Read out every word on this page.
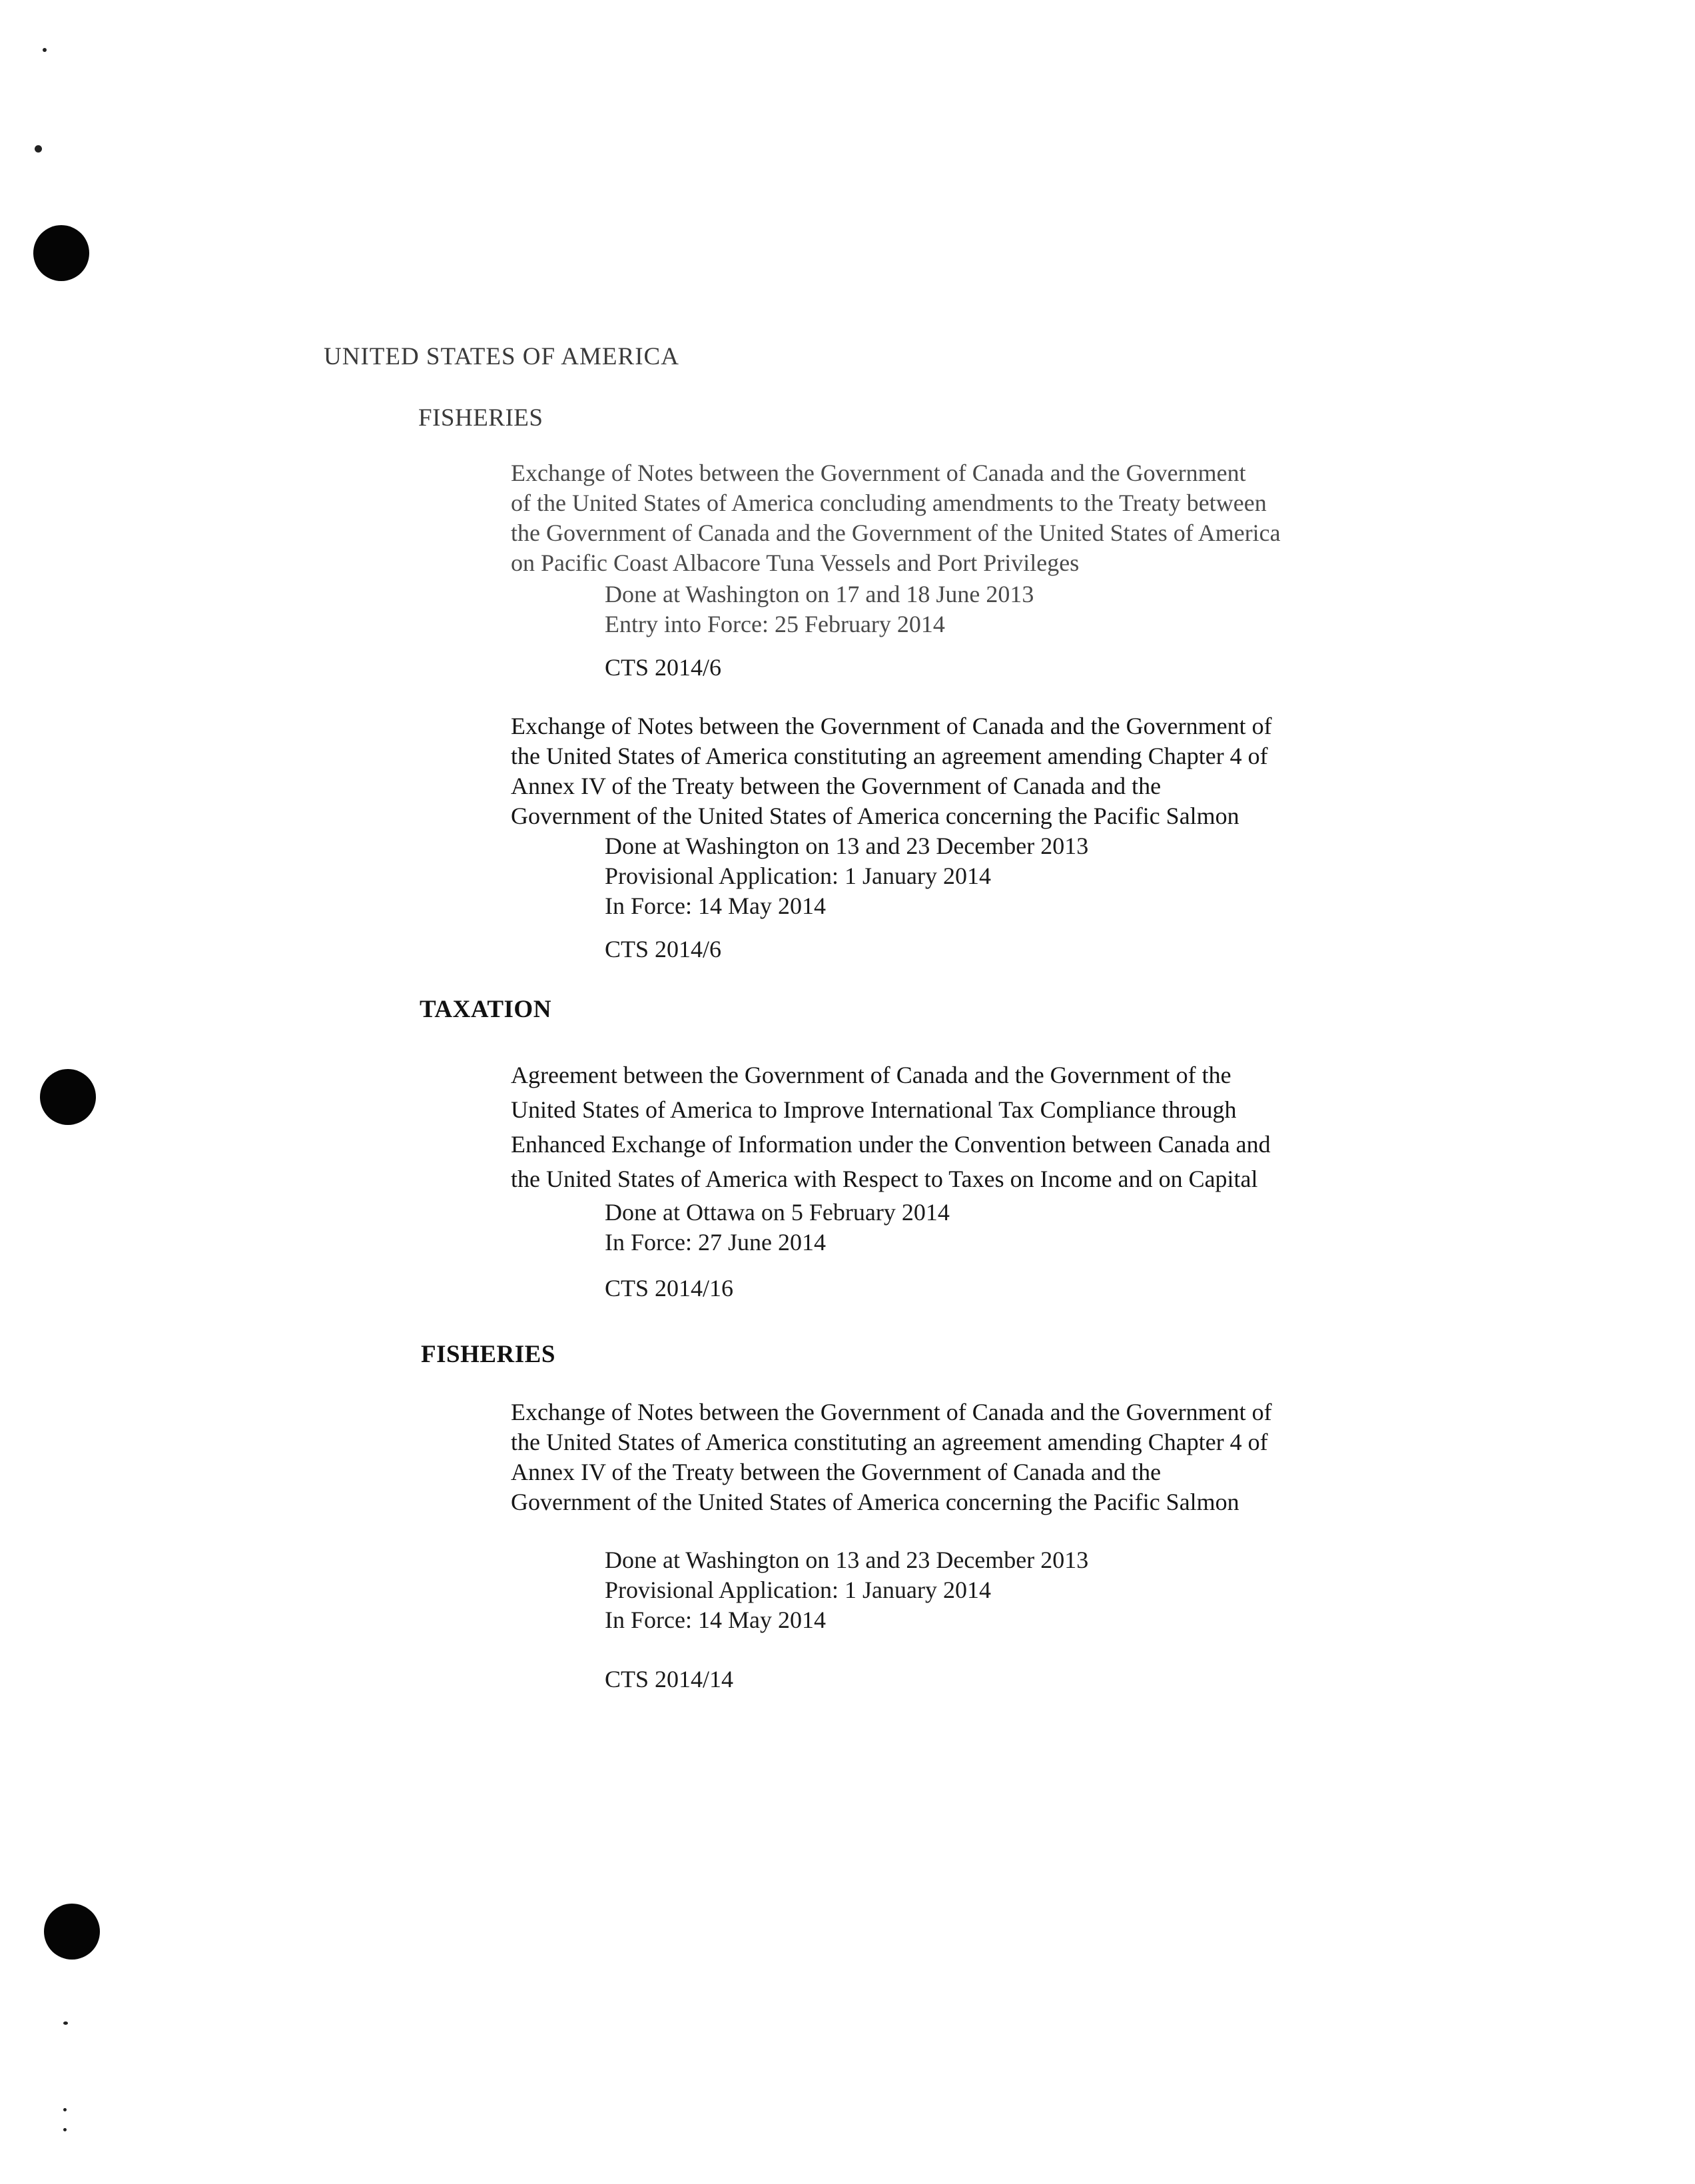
UNITED STATES OF AMERICA
FISHERIES

Exchange of Notes between the Government of Canada and the Government
of the United States of America concluding amendments to the Treaty between
the Government of Canada and the Government of the United States of America
on Pacific Coast Albacore Tuna Vessels and Port Privileges

Done at Washington on 17 and 18 June 2013
Entry into Force: 25 February 2014
CTS 2014/6

Exchange of Notes between the Government of Canada and the Government of
the United States of America constituting an agreement amending Chapter 4 of
Annex IV of the Treaty between the Government of Canada and the
Government of the United States of America concerning the Pacific Salmon

Done at Washington on 13 and 23 December 2013
Provisional Application: 1 January 2014
In Force: 14 May 2014
CTS 2014/6
TAXATION

Agreement between the Government of Canada and the Government of the
United States of America to Improve International Tax Compliance through
Enhanced Exchange of Information under the Convention between Canada and
the United States of America with Respect to Taxes on Income and on Capital

Done at Ottawa on 5 February 2014
In Force: 27 June 2014
CTS 2014/16
FISHERIES

Exchange of Notes between the Government of Canada and the Government of
the United States of America constituting an agreement amending Chapter 4 of
Annex IV of the Treaty between the Government of Canada and the
Government of the United States of America concerning the Pacific Salmon

Done at Washington on 13 and 23 December 2013
Provisional Application: 1 January 2014
In Force: 14 May 2014
CTS 2014/14
